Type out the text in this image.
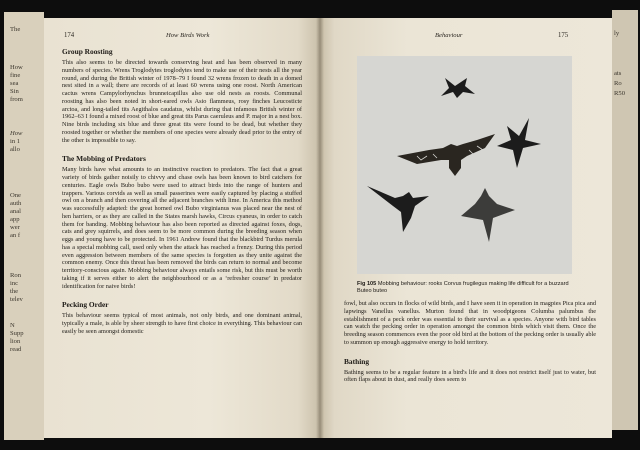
The
How
fine
sea
Sin
from
How
in 1
allo
One
auth
anal
app
wer
an f
Ron
inc
the
telev
N
Supp
lion
read
ly
ats
Ro
R50
174	How Birds Work
Group Roosting

This also seems to be directed towards conserving heat and has been observed in many numbers of species. Wrens Troglodytes troglodytes tend to make use of their nests all the year round, and during the British winter of 1978–79 I found 32 wrens frozen to death in a domed nest sited in a wall; there are records of at least 60 wrens using one roost. North American cactus wrens Campylorhynchus brunneicapillus also use old nests as roosts. Communal roosting has also been noted in short-eared owls Asio flammeus, rosy finches Leucosticte arctoa, and long-tailed tits Aegithalos caudatus, whilst during that infamous British winter of 1962–63 I found a mixed roost of blue and great tits Parus caeruleus and P. major in a nest box. Nine birds including six blue and three great tits were found to be dead, but whether they roosted together or whether the members of one species were already dead prior to the entry of the other is impossible to say.

The Mobbing of Predators

Many birds have what amounts to an instinctive reaction to predators. The fact that a great variety of birds gather noisily to chivvy and chase owls has been known to bird catchers for centuries. Eagle owls Bubo bubo were used to attract birds into the range of hunters and trappers. Various corvids as well as small passerines were easily captured by placing a stuffed owl on a branch and then covering all the adjacent branches with lime. In America this method was successfully adapted: the great horned owl Bubo virginianus was placed near the nest of hen harriers, or as they are called in the States marsh hawks, Circus cyaneus, in order to catch them for banding. Mobbing behaviour has also been reported as directed against foxes, dogs, cats and grey squirrels, and does seem to be more common during the breeding season when eggs and young have to be protected. In 1961 Andrew found that the blackbird Turdus merula has a special mobbing call, used only when the attack has reached a frenzy. During this period even aggression between members of the same species is forgotten as they unite against the common enemy. Once this threat has been removed the birds can return to normal and become territory-conscious again. Mobbing behaviour always entails some risk, but this must be worth taking if it serves either to alert the neighbourhood or as a ‘refresher course’ in predator identification for naive birds!

Pecking Order

This behaviour seems typical of most animals, not only birds, and one dominant animal, typically a male, is able by sheer strength to have first choice in everything. This behaviour can easily be seen amongst domestic

Behaviour	175
Fig 105 Mobbing behaviour: rooks Corvus frugilegus making life difficult for a buzzard Buteo buteo

fowl, but also occurs in flocks of wild birds, and I have seen it in operation in magpies Pica pica and lapwings Vanellus vanellus. Murton found that in woodpigeons Columba palumbus the establishment of a peck order was essential to their survival as a species. Anyone with bird tables can watch the pecking order in operation amongst the common birds which visit them. Once the breeding season commences even the poor old bird at the bottom of the pecking order is usually able to summon up enough aggressive energy to hold territory.

Bathing

Bathing seems to be a regular feature in a bird's life and it does not restrict itself just to water, but often flaps about in dust, and really does seem to
